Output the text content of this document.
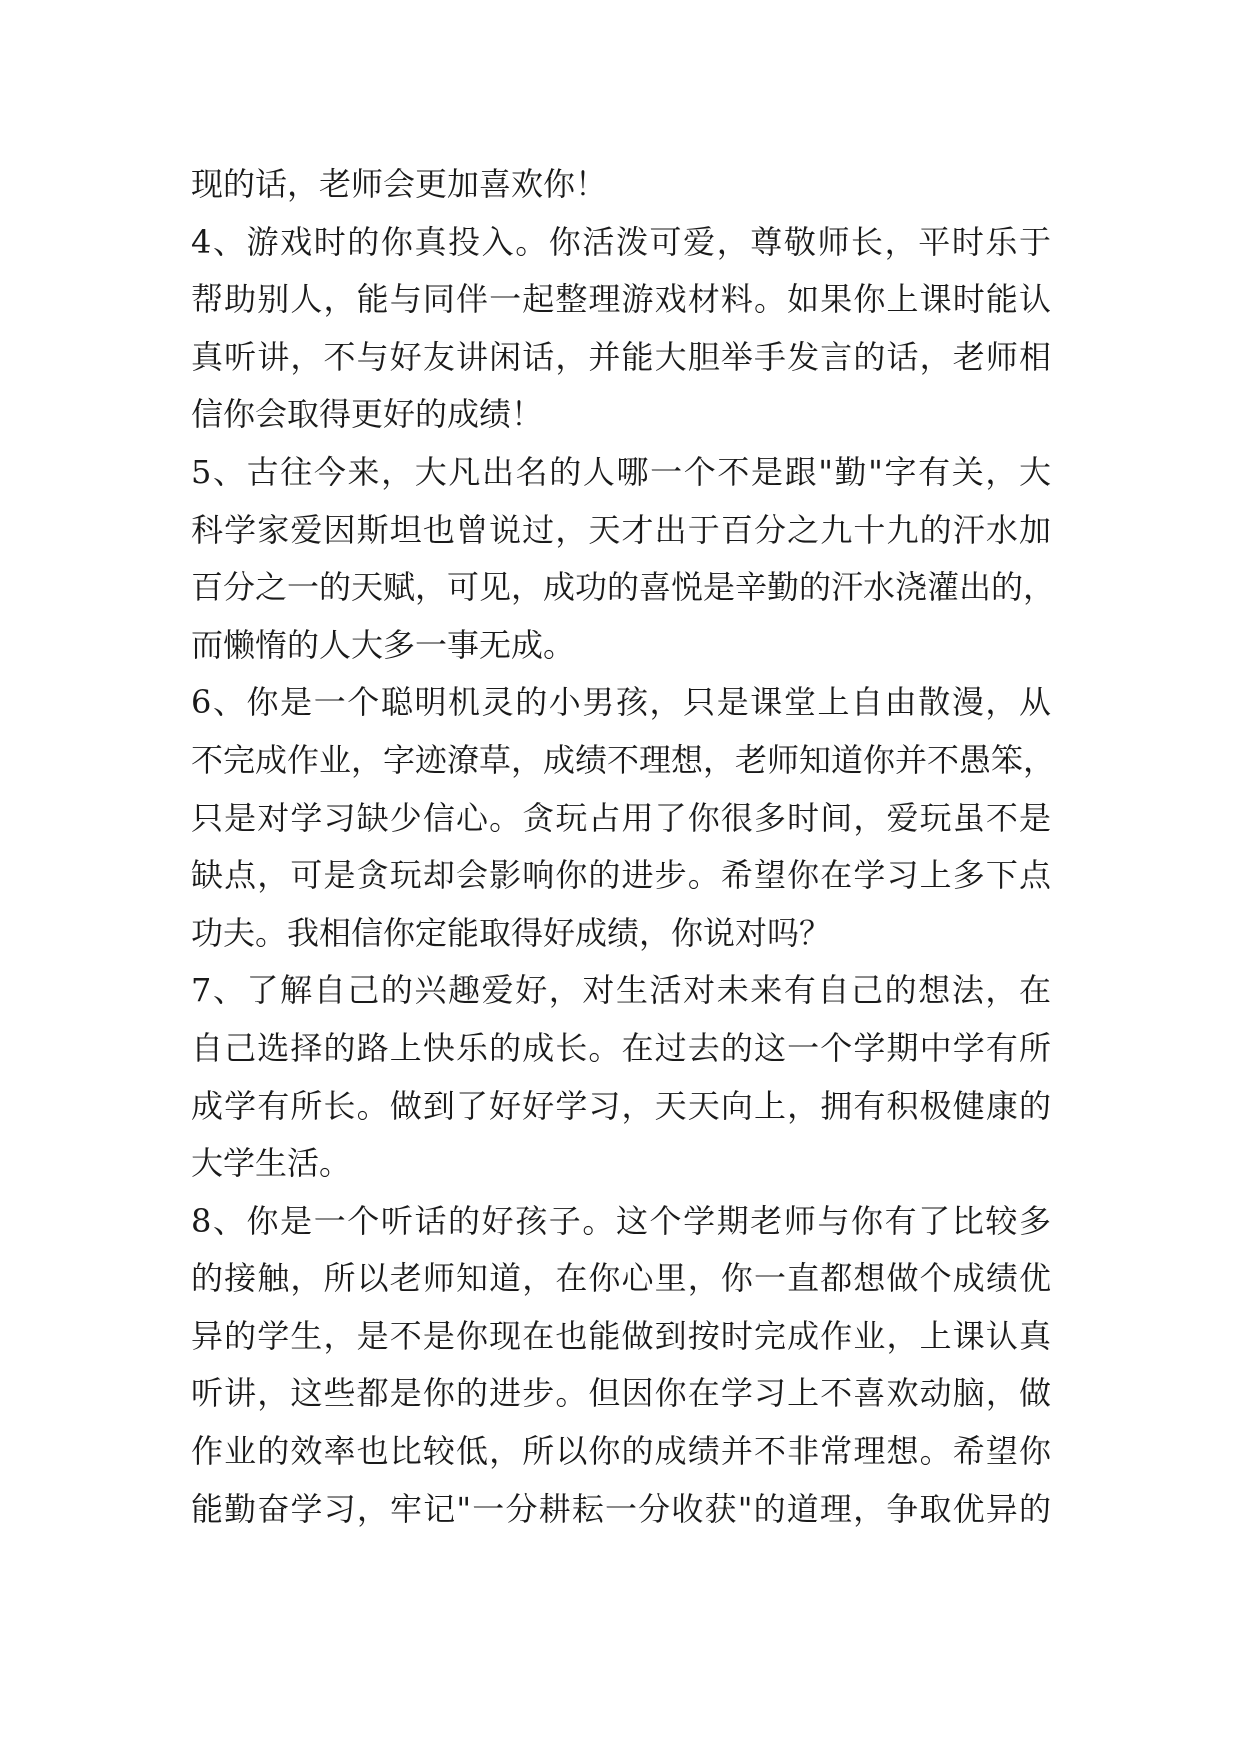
现的话，老师会更加喜欢你！
4、游戏时的你真投入。你活泼可爱，尊敬师长，平时乐于
帮助别人，能与同伴一起整理游戏材料。如果你上课时能认
真听讲，不与好友讲闲话，并能大胆举手发言的话，老师相
信你会取得更好的成绩！
5、古往今来，大凡出名的人哪一个不是跟"勤"字有关，大
科学家爱因斯坦也曾说过，天才出于百分之九十九的汗水加
百分之一的天赋，可见，成功的喜悦是辛勤的汗水浇灌出的，
而懒惰的人大多一事无成。
6、你是一个聪明机灵的小男孩，只是课堂上自由散漫，从
不完成作业，字迹潦草，成绩不理想，老师知道你并不愚笨，
只是对学习缺少信心。贪玩占用了你很多时间，爱玩虽不是
缺点，可是贪玩却会影响你的进步。希望你在学习上多下点
功夫。我相信你定能取得好成绩，你说对吗？
7、了解自己的兴趣爱好，对生活对未来有自己的想法，在
自己选择的路上快乐的成长。在过去的这一个学期中学有所
成学有所长。做到了好好学习，天天向上，拥有积极健康的
大学生活。
8、你是一个听话的好孩子。这个学期老师与你有了比较多
的接触，所以老师知道，在你心里，你一直都想做个成绩优
异的学生，是不是你现在也能做到按时完成作业，上课认真
听讲，这些都是你的进步。但因你在学习上不喜欢动脑，做
作业的效率也比较低，所以你的成绩并不非常理想。希望你
能勤奋学习，牢记"一分耕耘一分收获"的道理，争取优异的
